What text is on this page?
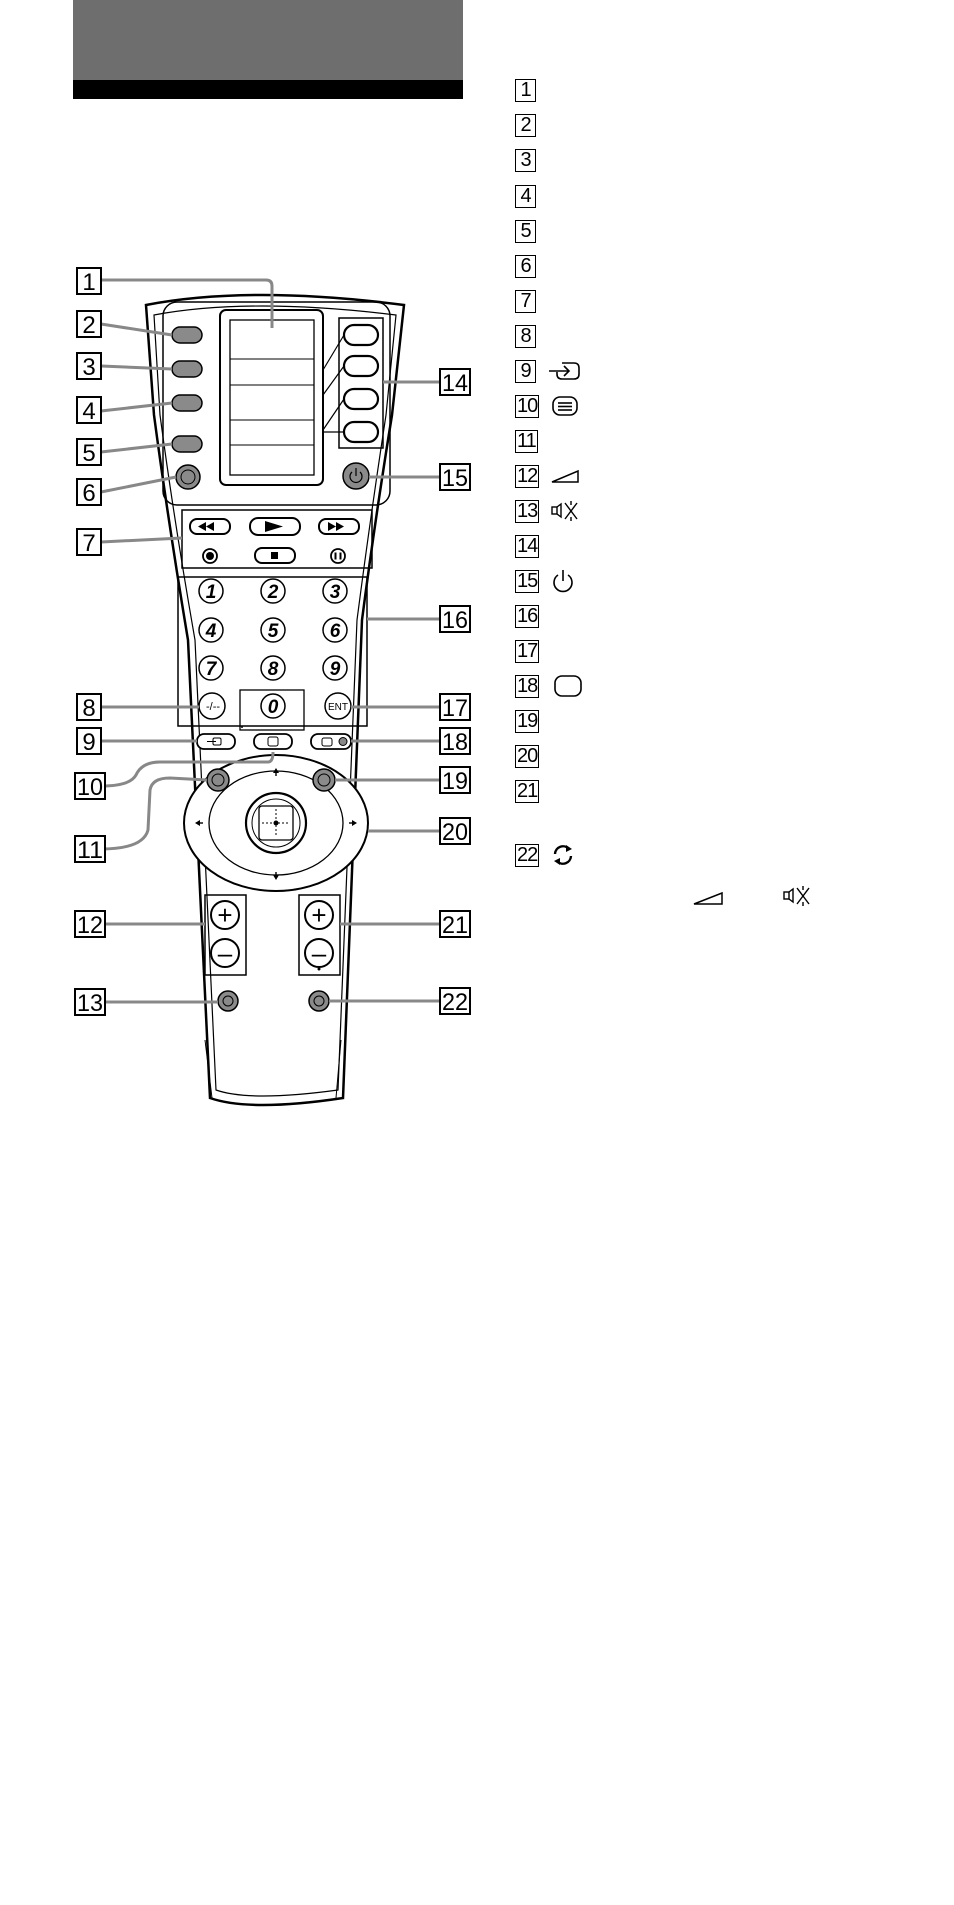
1	2	3
4	5	6
7	8	9
0
-/--	ENT
+
–
+
–
1
2
3
4
5
6
7
8
9
10
11
12
13
14
15
16
17
18
19
20
21
22
1
2
3
4
5
6
7
8
9
10
11
12
13
14
15
16
17
18
19
20
21
22
